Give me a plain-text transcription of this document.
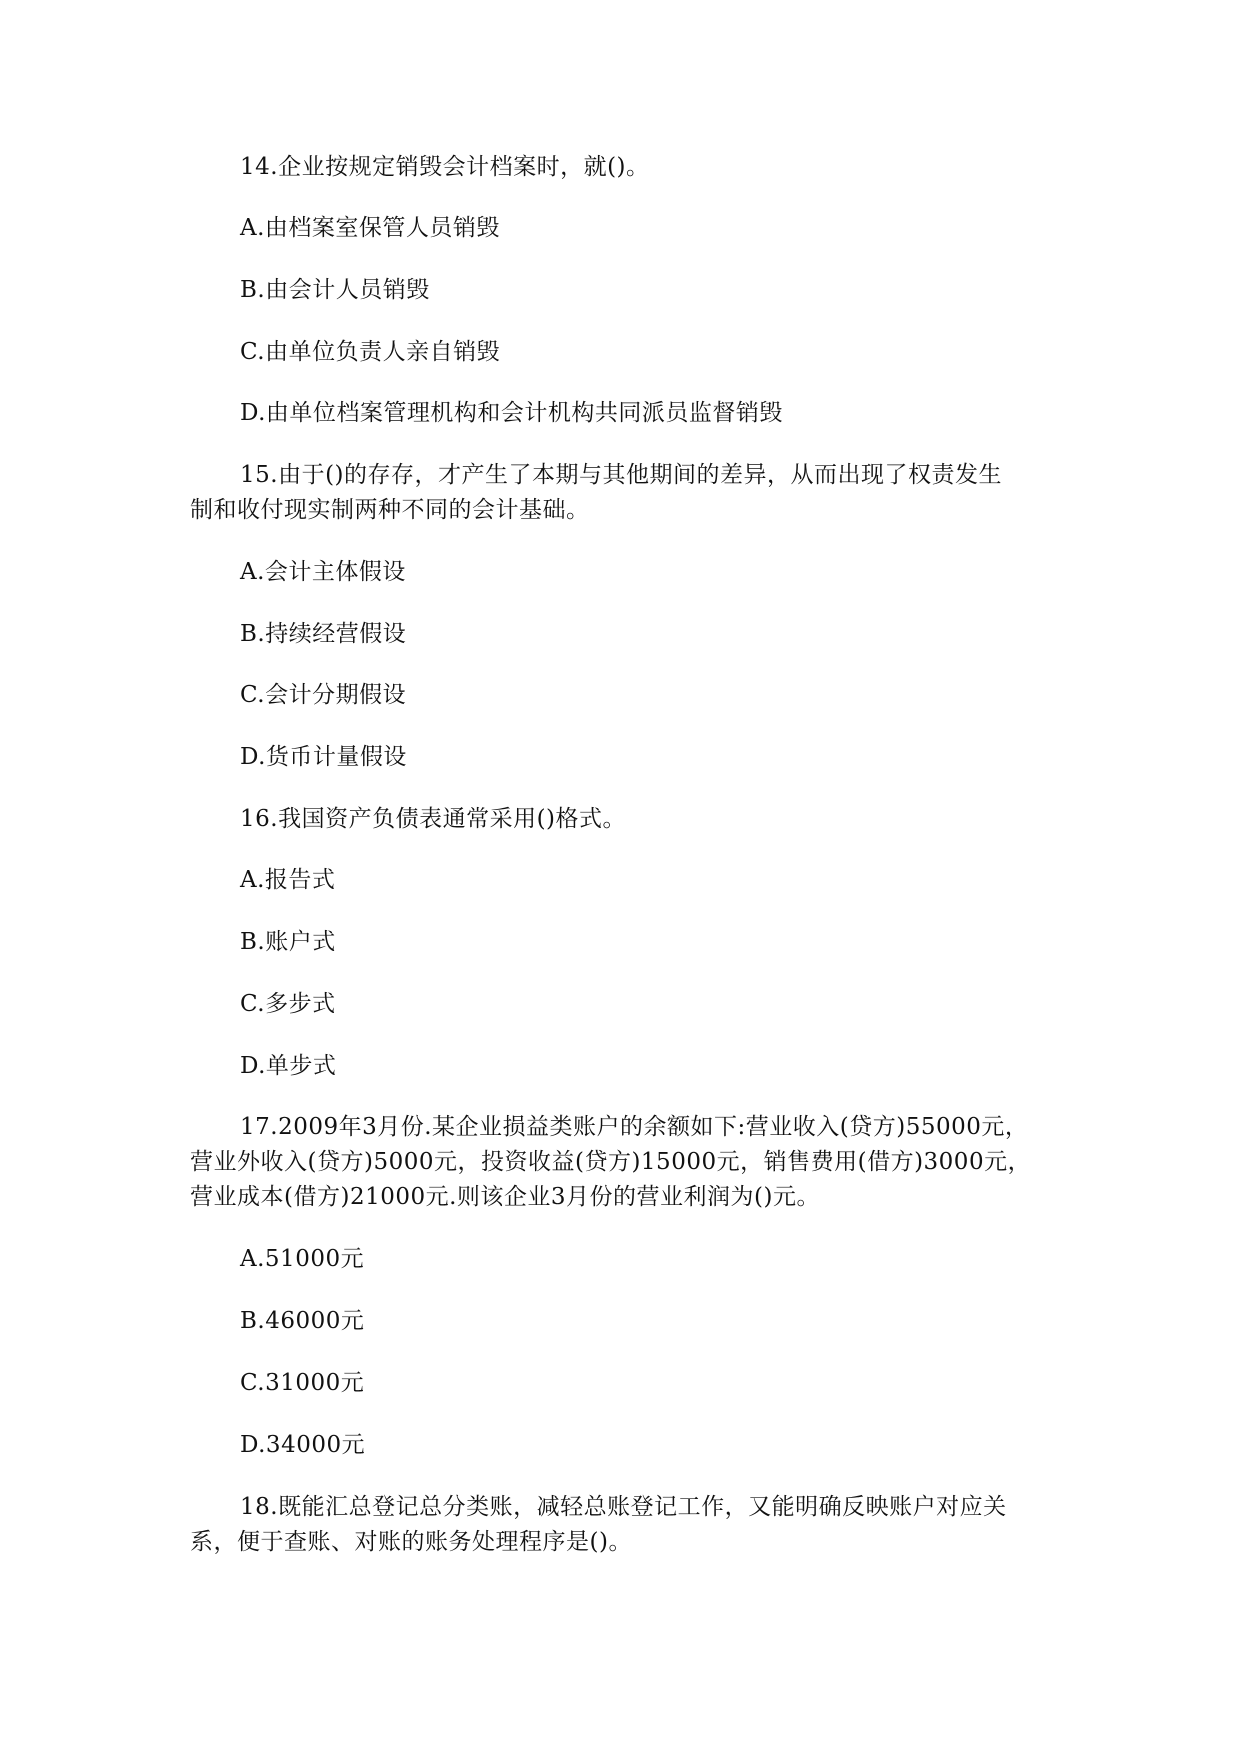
14.企业按规定销毁会计档案时，就()。
A.由档案室保管人员销毁
B.由会计人员销毁
C.由单位负责人亲自销毁
D.由单位档案管理机构和会计机构共同派员监督销毁
15.由于()的存存，才产生了本期与其他期间的差异，从而出现了权责发生
制和收付现实制两种不同的会计基础。
A.会计主体假设
B.持续经营假设
C.会计分期假设
D.货币计量假设
16.我国资产负债表通常采用()格式。
A.报告式
B.账户式
C.多步式
D.单步式
17.2009年3月份.某企业损益类账户的余额如下:营业收入(贷方)55000元，
营业外收入(贷方)5000元，投资收益(贷方)15000元，销售费用(借方)3000元，
营业成本(借方)21000元.则该企业3月份的营业利润为()元。
A.51000元
B.46000元
C.31000元
D.34000元
18.既能汇总登记总分类账，减轻总账登记工作，又能明确反映账户对应关
系，便于查账、对账的账务处理程序是()。
